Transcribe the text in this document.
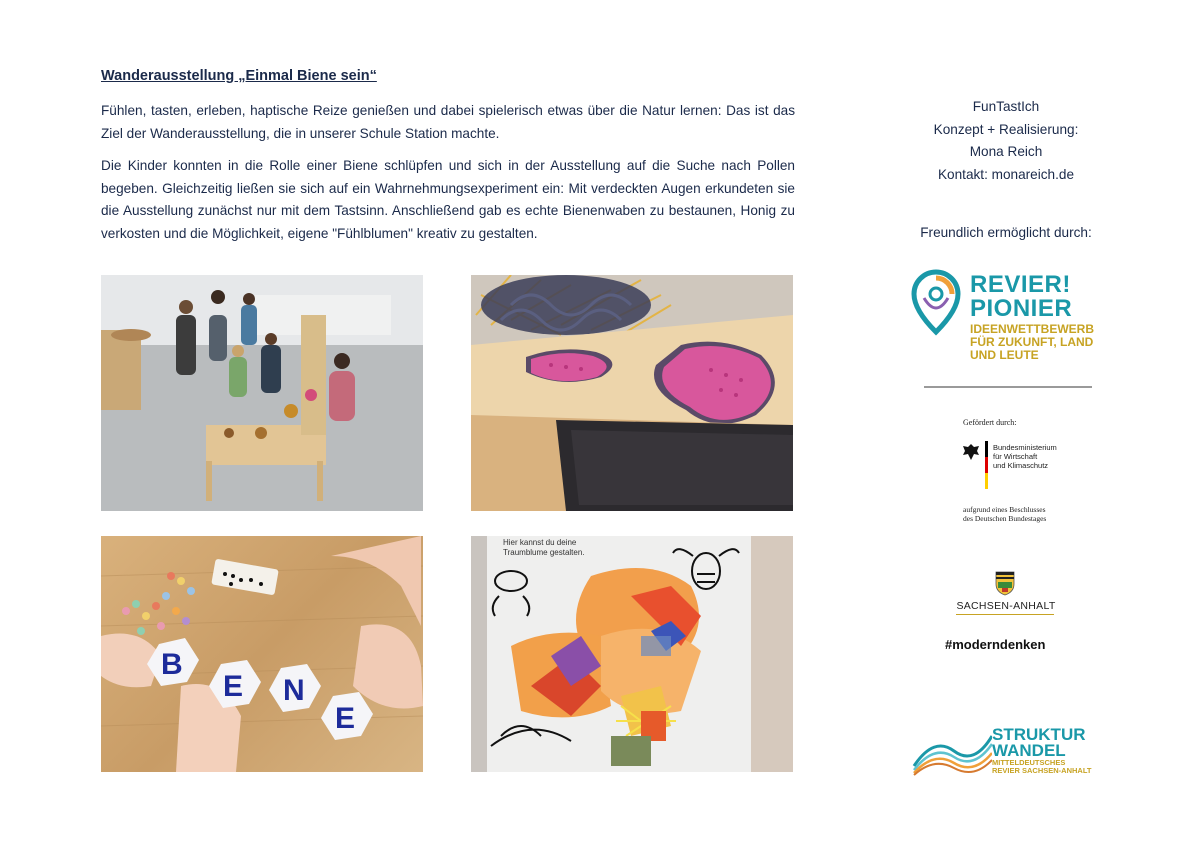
Wanderausstellung „Einmal Biene sein“

Fühlen, tasten, erleben, haptische Reize genießen und dabei spielerisch etwas über die Natur lernen: Das ist das Ziel der Wanderausstellung, die in unserer Schule Station machte.

Die Kinder konnten in die Rolle einer Biene schlüpfen und sich in der Ausstellung auf die Suche nach Pollen begeben. Gleichzeitig ließen sie sich auf ein Wahrnehmungsexperiment ein: Mit verdeckten Augen erkundeten sie die Ausstellung zunächst nur mit dem Tastsinn. Anschließend gab es echte Bienenwaben zu bestaunen, Honig zu verkosten und die Möglichkeit, eigene "Fühlblumen" kreativ zu gestalten.

B
E N
E
Hier kannst du deine
Traumblume gestalten.
FunTastIch
Konzept + Realisierung:
Mona Reich
Kontakt: monareich.de
Freundlich ermöglicht durch:
REVIER!
PIONIER
IDEENWETTBEWERB
FÜR ZUKUNFT, LAND
UND LEUTE
Gefördert durch:
Bundesministerium
für Wirtschaft
und Klimaschutz
aufgrund eines Beschlusses
des Deutschen Bundestages
SACHSEN-ANHALT
#moderndenken
STRUKTUR
WANDEL
MITTELDEUTSCHES
REVIER SACHSEN-ANHALT
